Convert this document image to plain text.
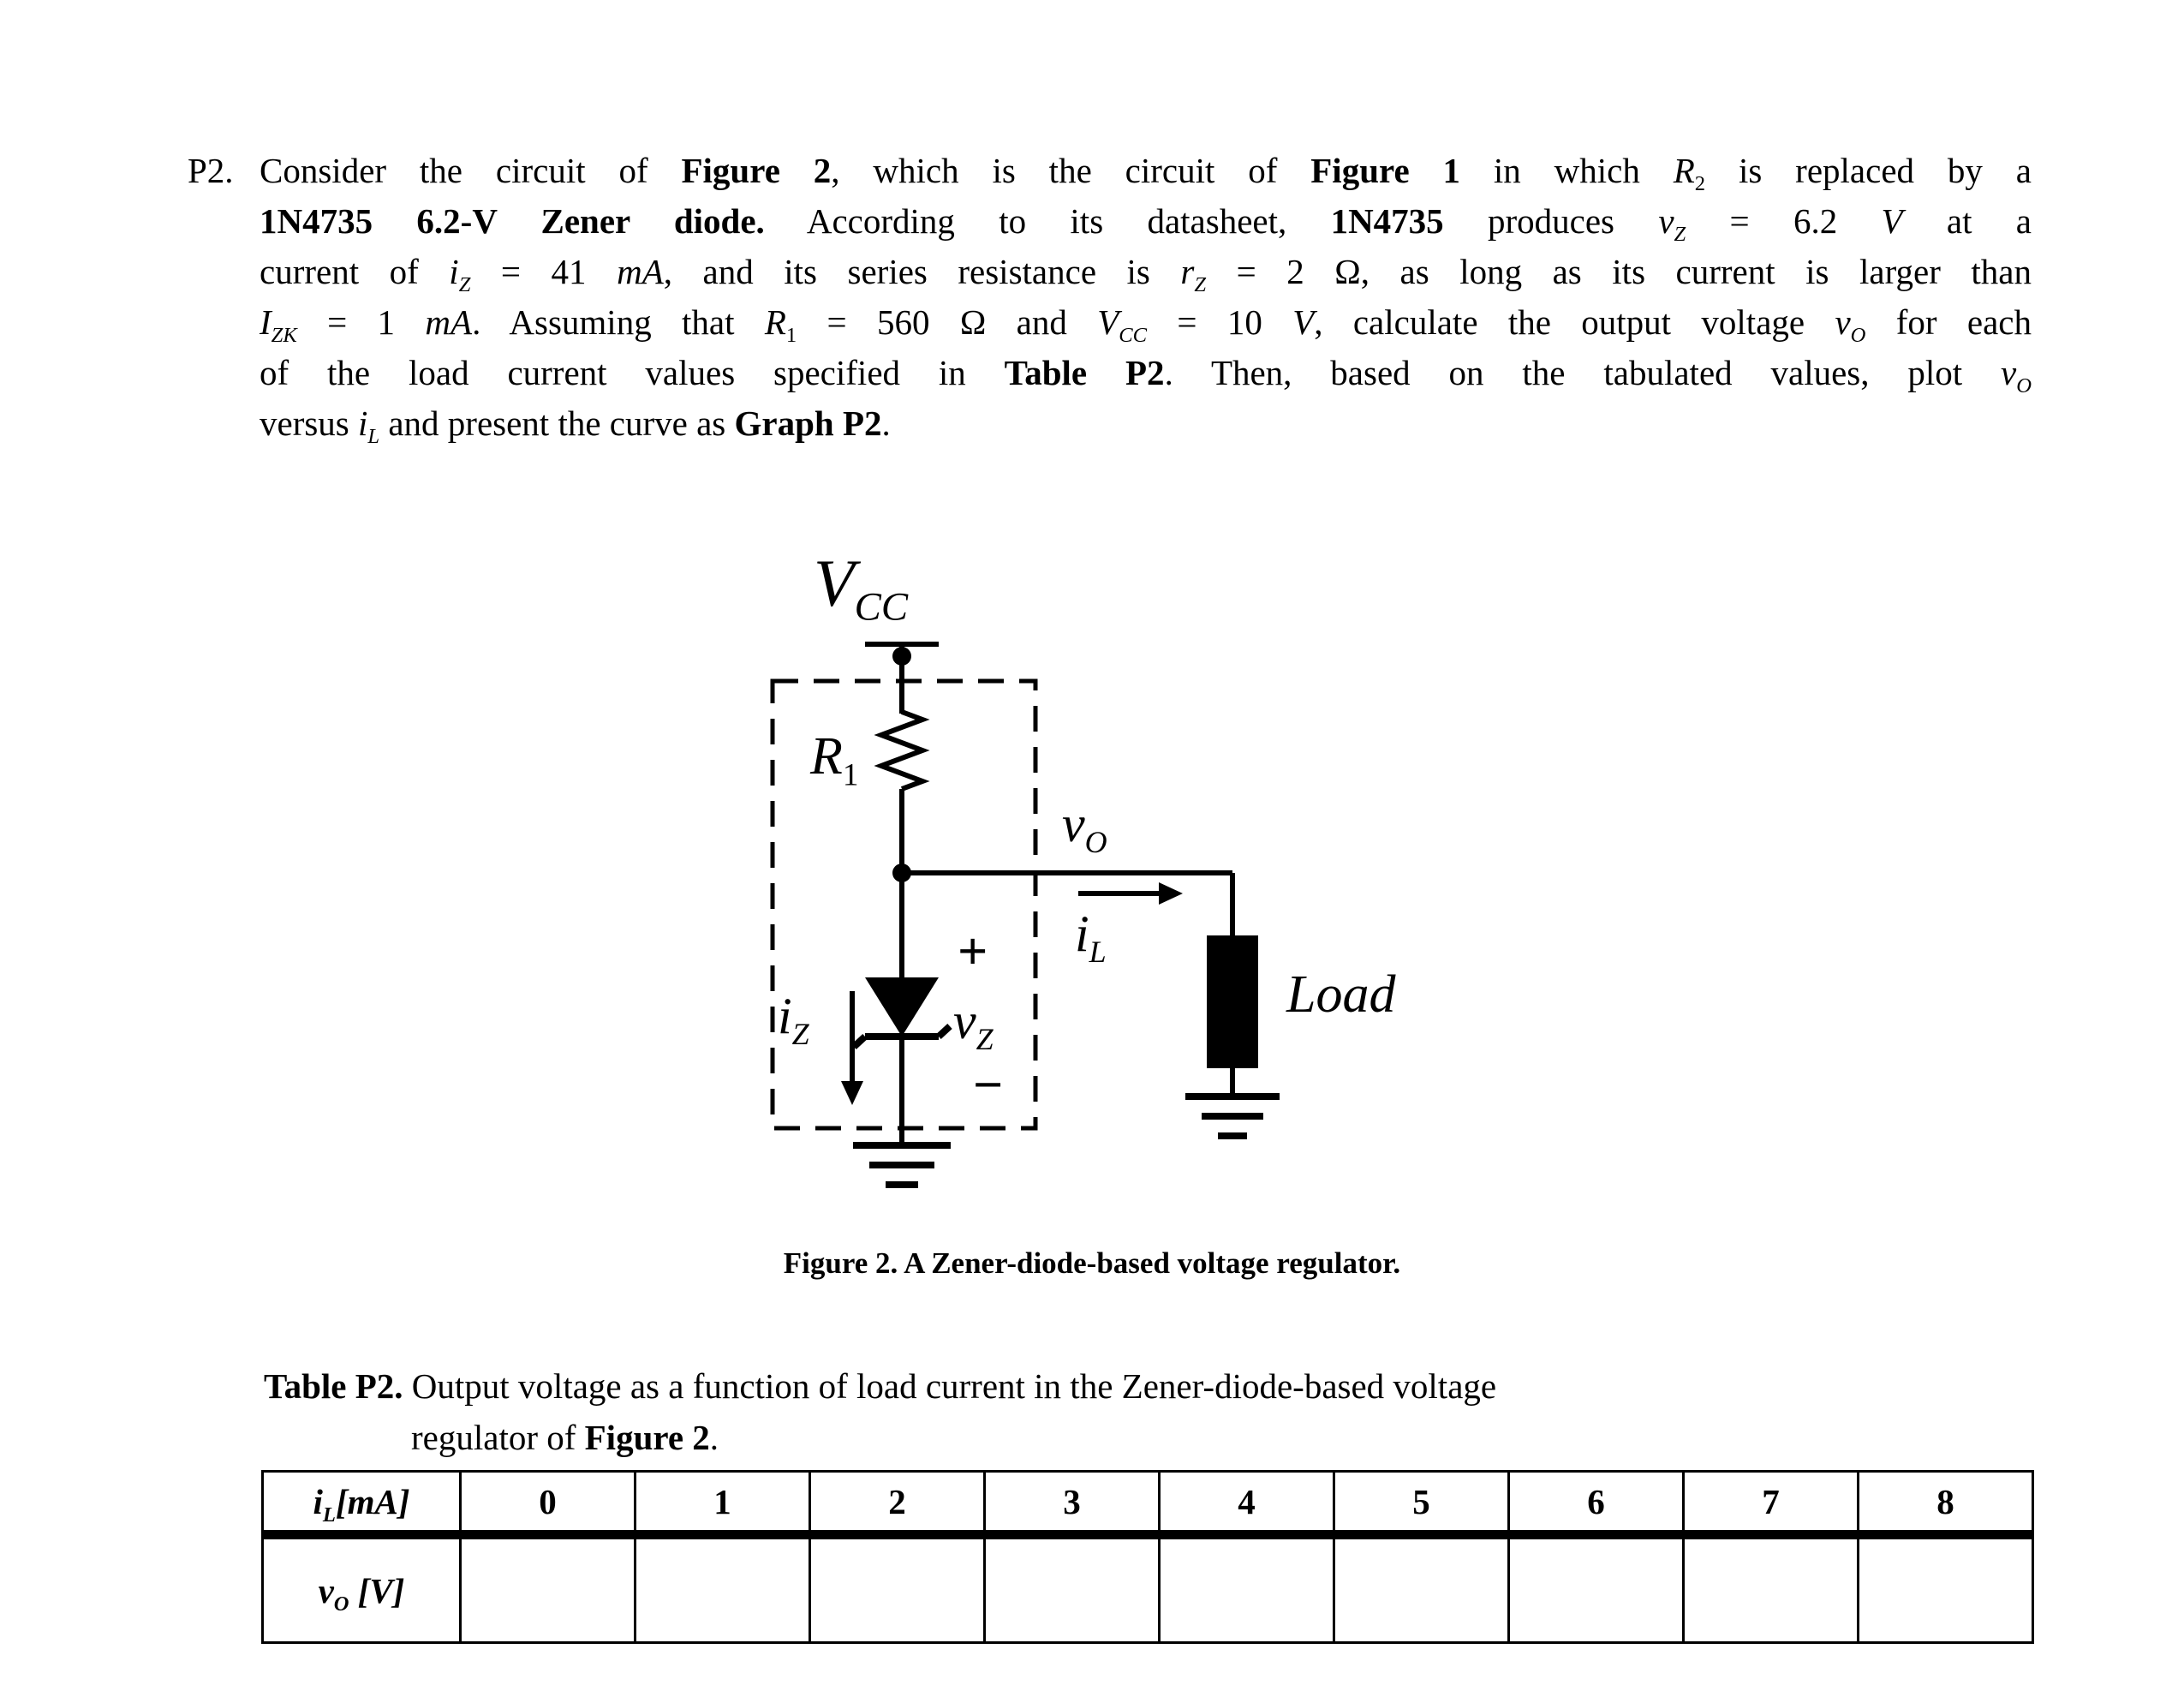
P2. Consider the circuit of Figure 2, which is the circuit of Figure 1 in which $R_2$ is replaced by a
1N4735 6.2-V Zener diode. According to its datasheet, 1N4735 produces $v_Z = 6.2$ V at a
current of $i_Z = 41$ mA, and its series resistance is $r_Z = 2$ Ω, as long as its current is larger than
$I_{ZK} = 1$ mA. Assuming that $R_1 = 560$ Ω and $V_{CC} = 10$ V, calculate the output voltage $v_O$ for each
of the load current values specified in Table P2. Then, based on the tabulated values, plot $v_O$
versus $i_L$ and present the curve as Graph P2.
$V_{CC}$
$R_1$
$v_O$
$i_L$
+
$v_Z$
−
$i_Z$
Load
Figure 2. A Zener-diode-based voltage regulator.
Table P2. Output voltage as a function of load current in the Zener-diode-based voltage
regulator of Figure 2.
$i_L[mA]$	0	1	2	3	4	5	6	7	8
$v_O$ [V]									
